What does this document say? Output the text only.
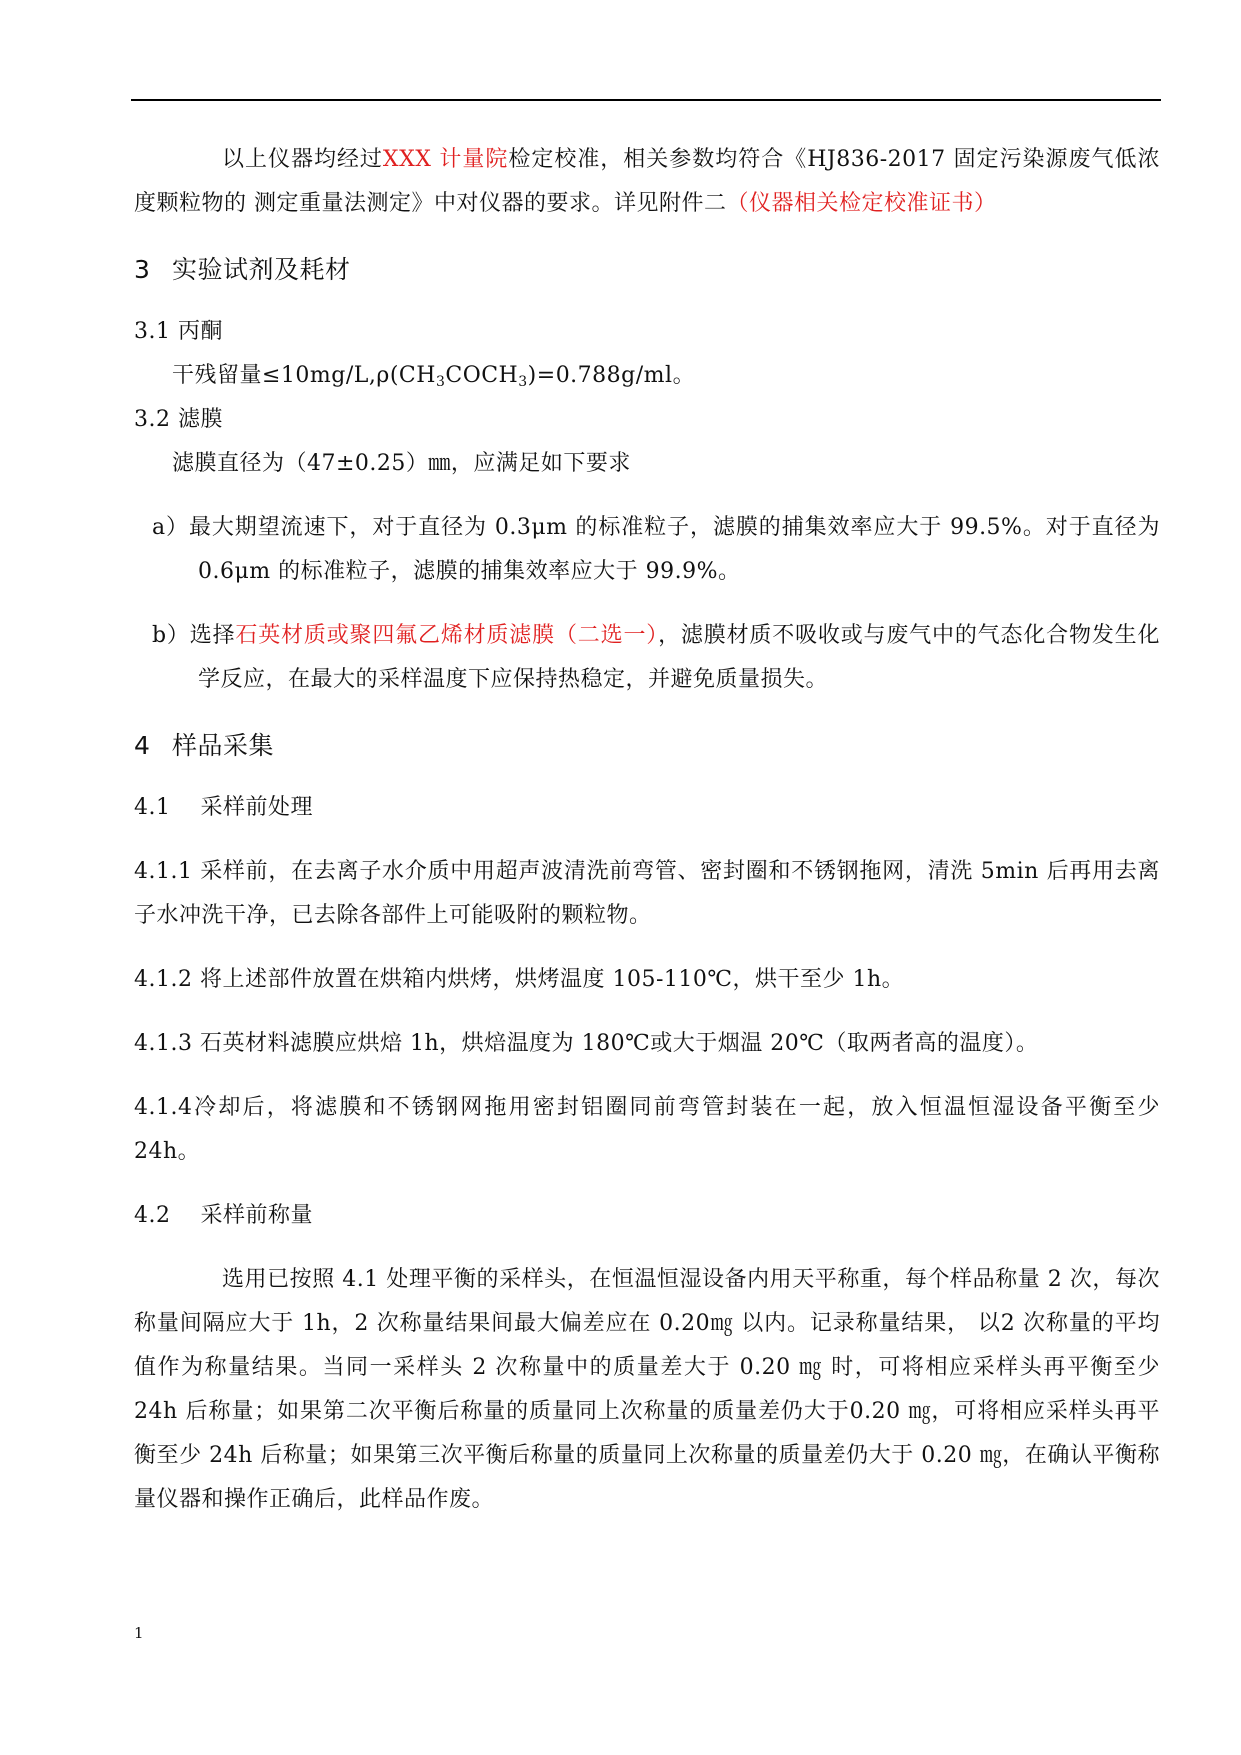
以上仪器均经过XXX 计量院检定校准，相关参数均符合《HJ836-2017 固定污染源废气低浓度颗粒物的 测定重量法测定》中对仪器的要求。详见附件二（仪器相关检定校准证书）

3 实验试剂及耗材

3.1 丙酮

干残留量$\le 10mg/L,\rho(CH_3COCH_3)=0.788g/ml$。

3.2 滤膜

滤膜直径为（47±0.25）㎜，应满足如下要求

a）最大期望流速下，对于直径为 0.3μm 的标准粒子，滤膜的捕集效率应大于 99.5%。对于直径为 0.6μm 的标准粒子，滤膜的捕集效率应大于 99.9%。

b）选择石英材质或聚四氟乙烯材质滤膜（二选一），滤膜材质不吸收或与废气中的气态化合物发生化学反应，在最大的采样温度下应保持热稳定，并避免质量损失。

4 样品采集

4.1　 采样前处理

4.1.1 采样前，在去离子水介质中用超声波清洗前弯管、密封圈和不锈钢拖网，清洗 5min 后再用去离子水冲洗干净，已去除各部件上可能吸附的颗粒物。

4.1.2 将上述部件放置在烘箱内烘烤，烘烤温度 105-110℃，烘干至少 1h。

4.1.3 石英材料滤膜应烘焙 1h，烘焙温度为 180℃或大于烟温 20℃（取两者高的温度）。

4.1.4冷却后，将滤膜和不锈钢网拖用密封铝圈同前弯管封装在一起，放入恒温恒湿设备平衡至少 24h。

4.2　 采样前称量

选用已按照 4.1 处理平衡的采样头，在恒温恒湿设备内用天平称重，每个样品称量 2 次，每次称量间隔应大于 1h，2 次称量结果间最大偏差应在 0.20㎎ 以内。记录称量结果， 以2 次称量的平均值作为称量结果。当同一采样头 2 次称量中的质量差大于 0.20 ㎎ 时，可将相应采样头再平衡至少 24h 后称量；如果第二次平衡后称量的质量同上次称量的质量差仍大于0.20 ㎎，可将相应采样头再平衡至少 24h 后称量；如果第三次平衡后称量的质量同上次称量的质量差仍大于 0.20 ㎎，在确认平衡称量仪器和操作正确后，此样品作废。

1
